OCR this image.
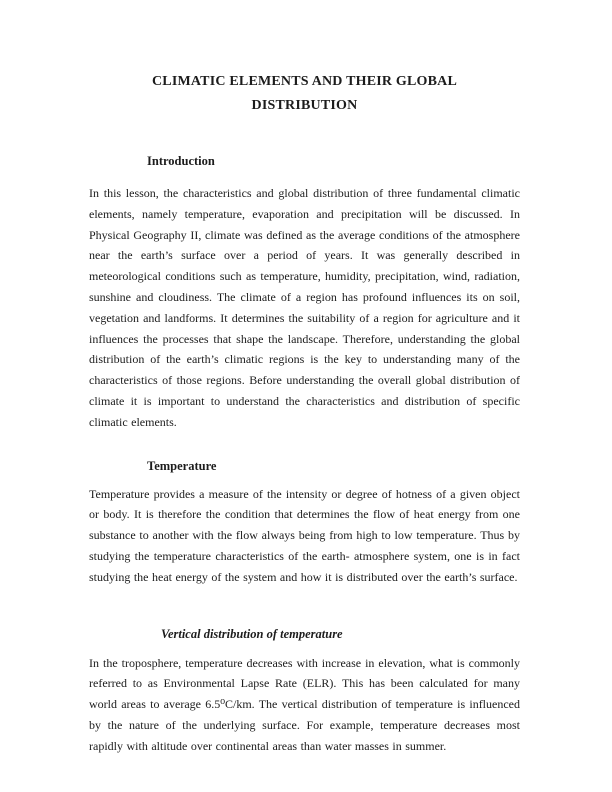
CLIMATIC ELEMENTS AND THEIR GLOBAL
DISTRIBUTION
Introduction

In this lesson, the characteristics and global distribution of three fundamental climatic elements, namely temperature, evaporation and precipitation will be discussed. In Physical Geography II, climate was defined as the average conditions of the atmosphere near the earth’s surface over a period of years. It was generally described in meteorological conditions such as temperature, humidity, precipitation, wind, radiation, sunshine and cloudiness. The climate of a region has profound influences its on soil, vegetation and landforms. It determines the suitability of a region for agriculture and it influences the processes that shape the landscape. Therefore, understanding the global distribution of the earth’s climatic regions is the key to understanding many of the characteristics of those regions. Before understanding the overall global distribution of climate it is important to understand the characteristics and distribution of specific climatic elements.

Temperature

Temperature provides a measure of the intensity or degree of hotness of a given object or body. It is therefore the condition that determines the flow of heat energy from one substance to another with the flow always being from high to low temperature. Thus by studying the temperature characteristics of the earth- atmosphere system, one is in fact studying the heat energy of the system and how it is distributed over the earth’s surface.

Vertical distribution of temperature

In the troposphere, temperature decreases with increase in elevation, what is commonly referred to as Environmental Lapse Rate (ELR). This has been calculated for many world areas to average 6.5⁰C/km. The vertical distribution of temperature is influenced by the nature of the underlying surface. For example, temperature decreases most rapidly with altitude over continental areas than water masses in summer.
